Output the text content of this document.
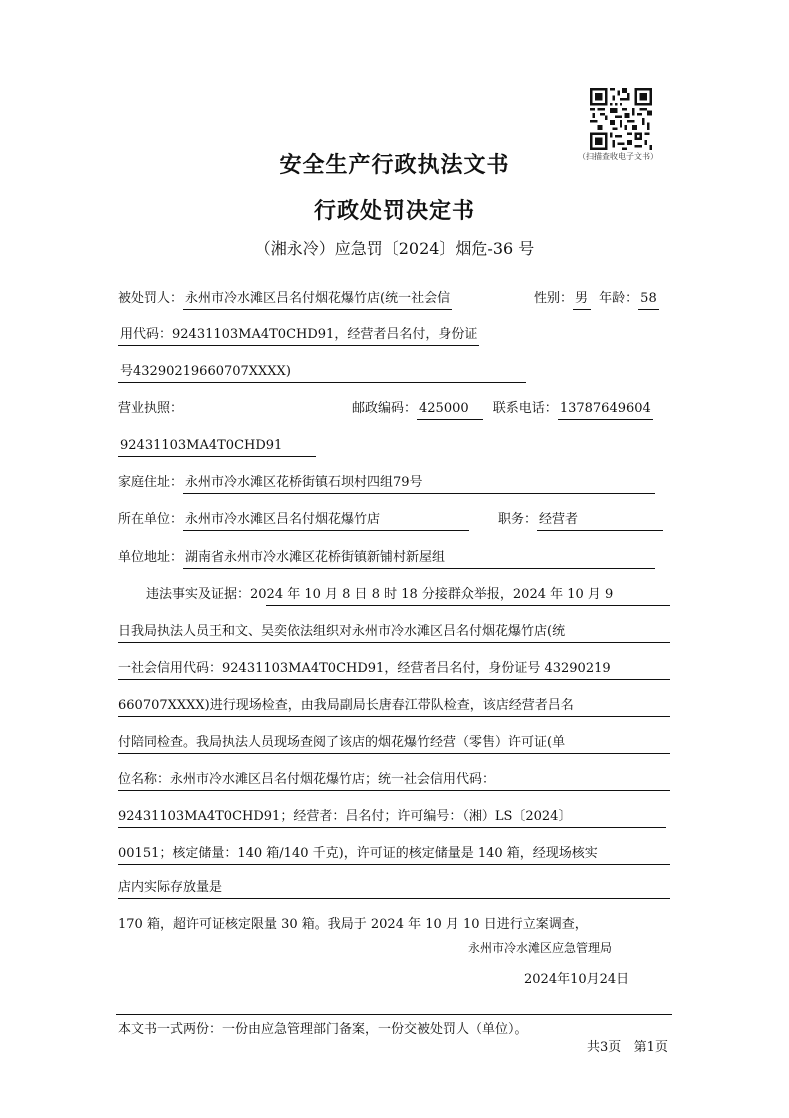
（扫描查收电子文书）
安全生产行政执法文书
行政处罚决定书
（湘永冷）应急罚〔2024〕烟危-36 号
被处罚人： 永州市冷水滩区吕名付烟花爆竹店(统一社会信	性别： 男 年龄： 58
用代码：92431103MA4T0CHD91，经营者吕名付，身份证
号43290219660707XXXX)
营业执照：	邮政编码： 425000 联系电话： 13787649604
92431103MA4T0CHD91
家庭住址： 永州市冷水滩区花桥街镇石坝村四组79号
所在单位： 永州市冷水滩区吕名付烟花爆竹店	职务： 经营者
单位地址： 湖南省永州市冷水滩区花桥街镇新铺村新屋组
违法事实及证据：2024 年 10 月 8 日 8 时 18 分接群众举报，2024 年 10 月 9
日我局执法人员王和文、吴奕依法组织对永州市冷水滩区吕名付烟花爆竹店(统
一社会信用代码：92431103MA4T0CHD91，经营者吕名付，身份证号 43290219
660707XXXX)进行现场检查，由我局副局长唐春江带队检查，该店经营者吕名
付陪同检查。我局执法人员现场查阅了该店的烟花爆竹经营（零售）许可证(单
位名称：永州市冷水滩区吕名付烟花爆竹店；统一社会信用代码：
92431103MA4T0CHD91；经营者：吕名付；许可编号：（湘）LS〔2024〕
00151；核定储量：140 箱/140 千克)，许可证的核定储量是 140 箱，经现场核实
店内实际存放量是
170 箱，超许可证核定限量 30 箱。我局于 2024 年 10 月 10 日进行立案调查，
永州市冷水滩区应急管理局
2024年10月24日
本文书一式两份：一份由应急管理部门备案，一份交被处罚人（单位）。
共3页   第1页
